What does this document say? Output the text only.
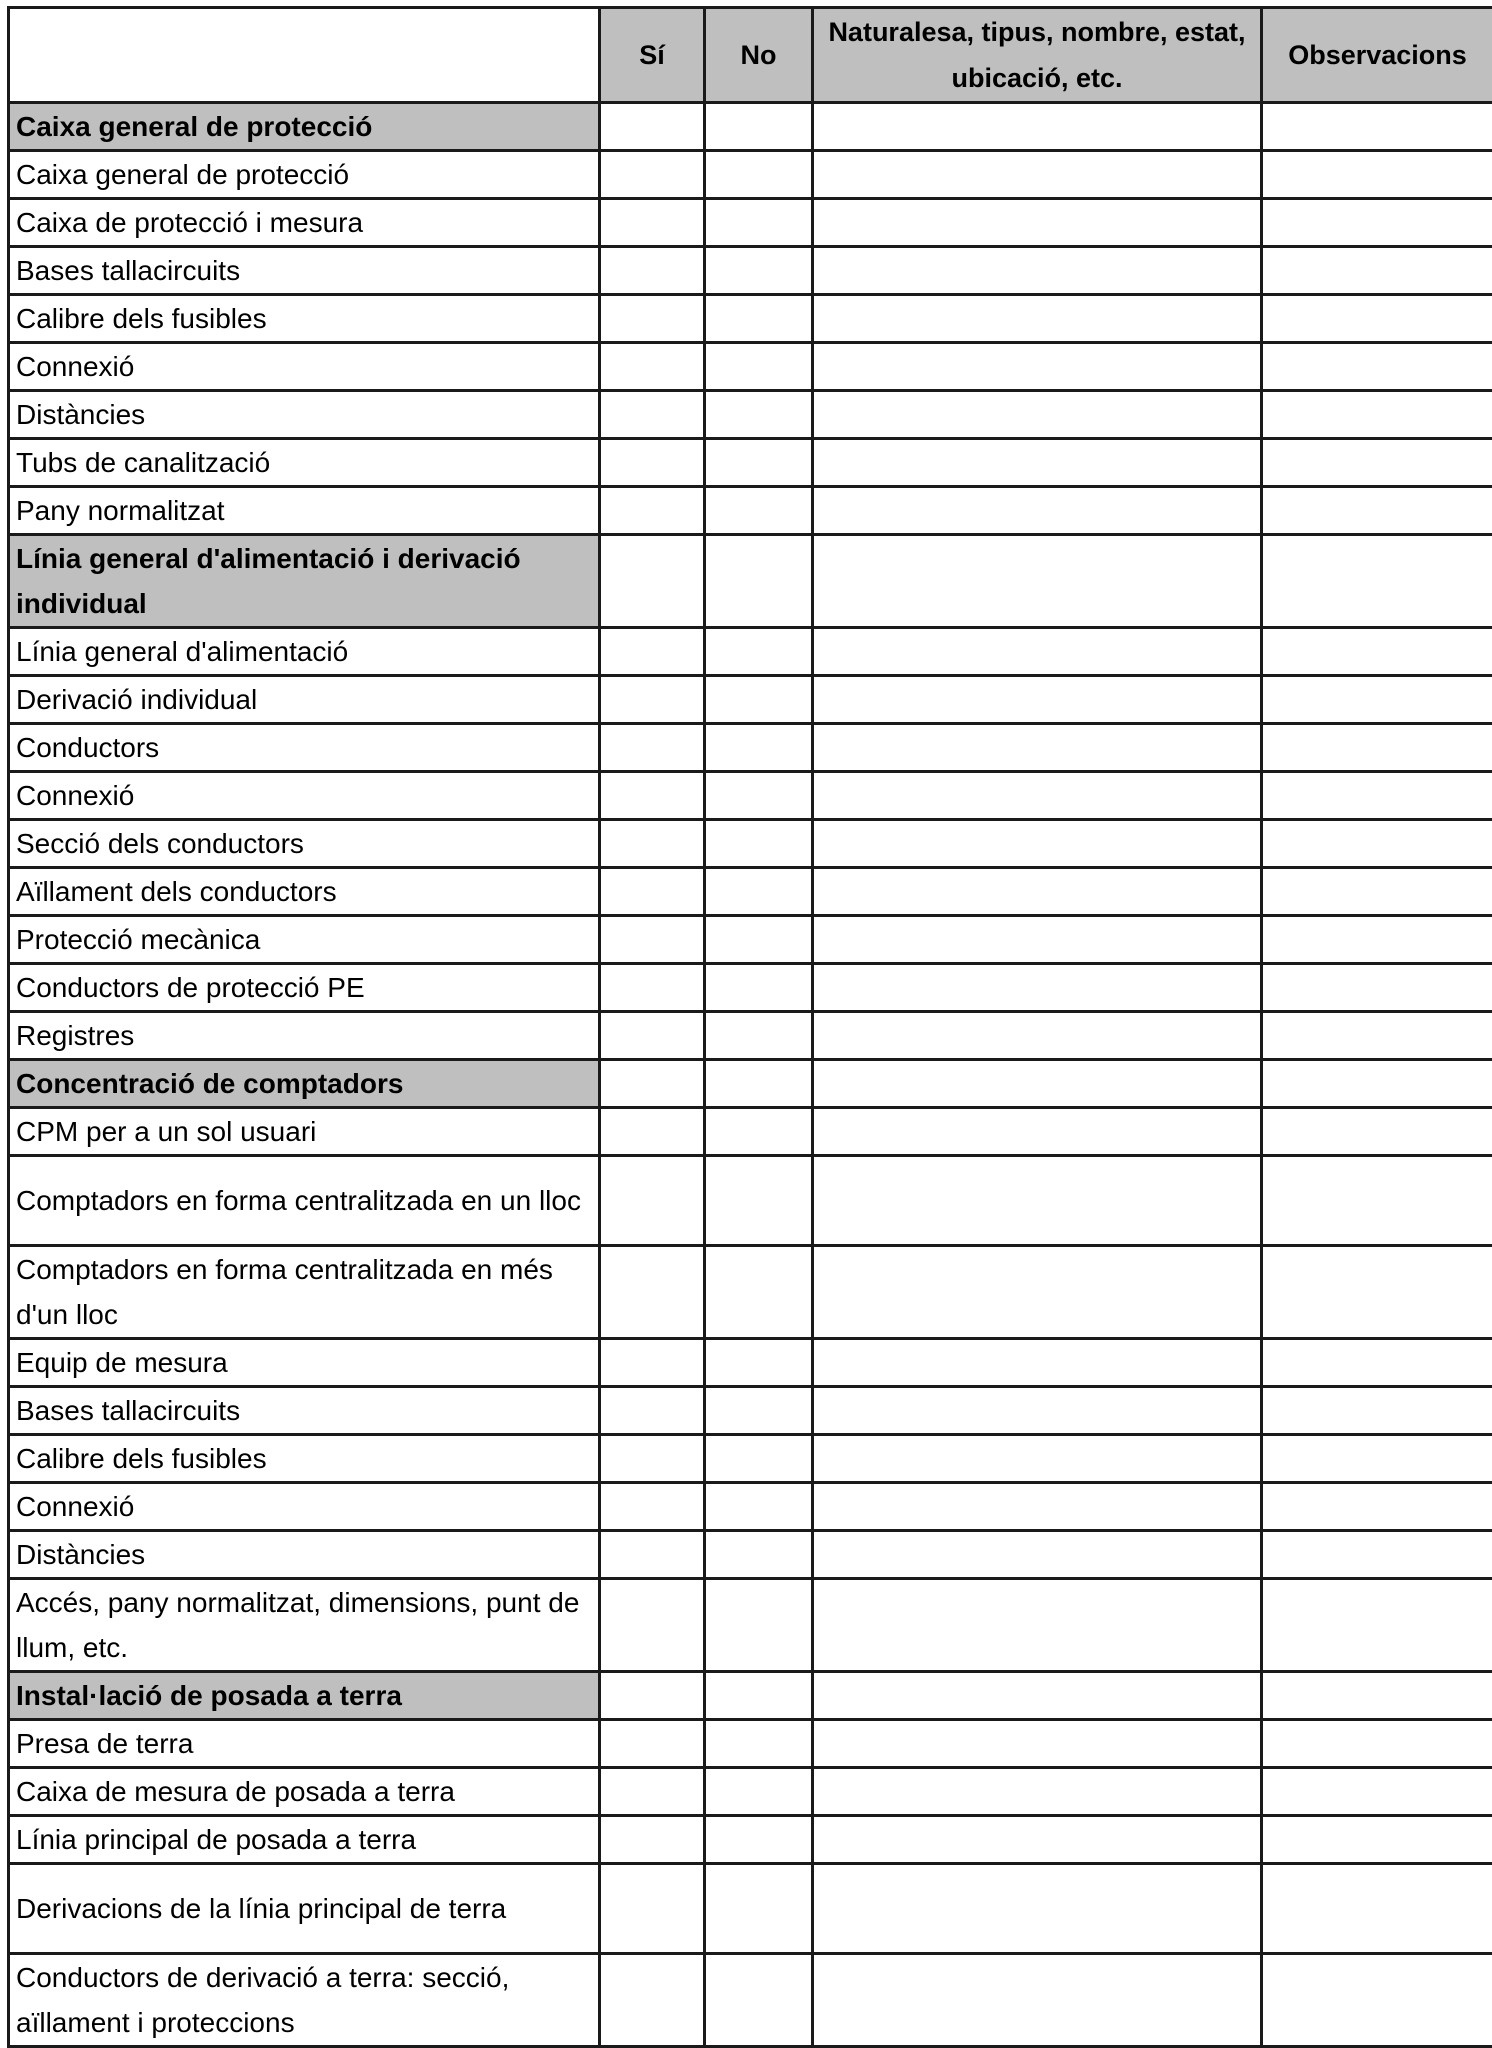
	Sí	No	Naturalesa, tipus, nombre, estat, ubicació, etc.	Observacions
Caixa general de protecció				
Caixa general de protecció				
Caixa de protecció i mesura				
Bases tallacircuits				
Calibre dels fusibles				
Connexió				
Distàncies				
Tubs de canalització				
Pany normalitzat				
Línia general d'alimentació i derivació individual				
Línia general d'alimentació				
Derivació individual				
Conductors				
Connexió				
Secció dels conductors				
Aïllament dels conductors				
Protecció mecànica				
Conductors de protecció PE				
Registres				
Concentració de comptadors				
CPM per a un sol usuari				
Comptadors en forma centralitzada en un lloc				
Comptadors en forma centralitzada en més d'un lloc				
Equip de mesura				
Bases tallacircuits				
Calibre dels fusibles				
Connexió				
Distàncies				
Accés, pany normalitzat, dimensions, punt de llum, etc.				
Instal·lació de posada a terra				
Presa de terra				
Caixa de mesura de posada a terra				
Línia principal de posada a terra				
Derivacions de la línia principal de terra				
Conductors de derivació a terra: secció, aïllament i proteccions				
